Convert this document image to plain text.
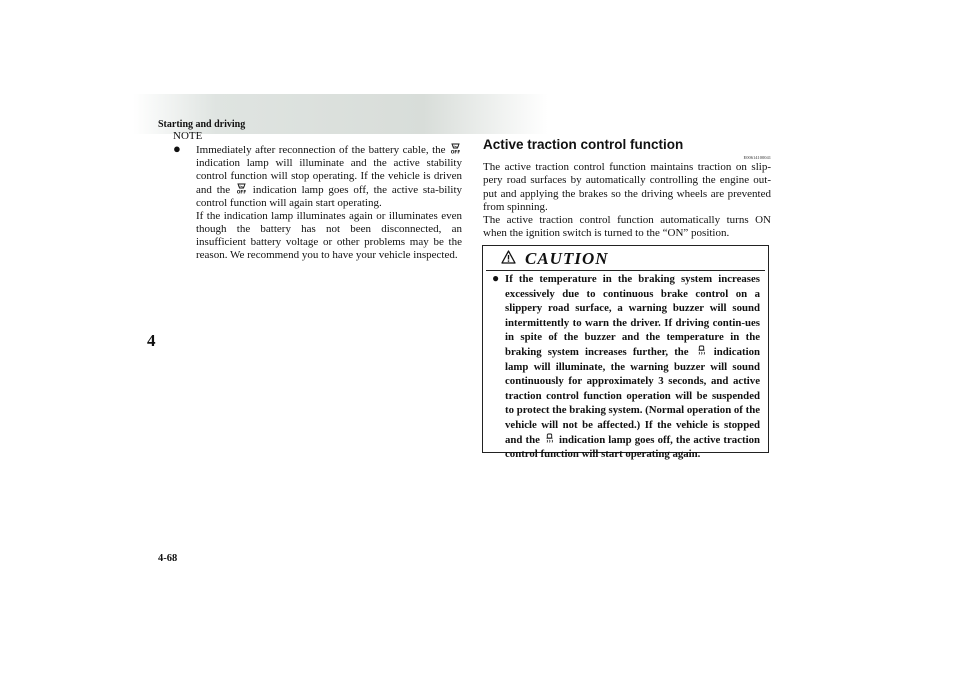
Starting and driving
4
4-68

NOTE

● Immediately after reconnection of the battery cable, the OFF
indication lamp will illuminate and the active stability control function will stop operating. If the vehicle is driven and the OFF indication lamp goes off, the active sta-bility control function will again start operating.

If the indication lamp illuminates again or illuminates even though the battery has not been disconnected, an insufficient battery voltage or other problems may be the reason. We recommend you to have your vehicle inspected.

Active traction control function
E00614100041

The active traction control function maintains traction on slip-pery road surfaces by automatically controlling the engine out-put and applying the brakes so the driving wheels are prevented from spinning.

The active traction control function automatically turns ON when the ignition switch is turned to the “ON” position.

CAUTION
● If the temperature in the braking system increases excessively due to continuous brake control on a slippery road surface, a warning buzzer will sound intermittently to warn the driver. If driving contin-ues in spite of the buzzer and the temperature in the braking system increases further, the indication lamp will illuminate, the warning buzzer will sound continuously for approximately 3 seconds, and active traction control function operation will be suspended to protect the braking system. (Normal operation of the vehicle will not be affected.) If the vehicle is stopped and the indication lamp goes off, the active traction control function will start operating again.
